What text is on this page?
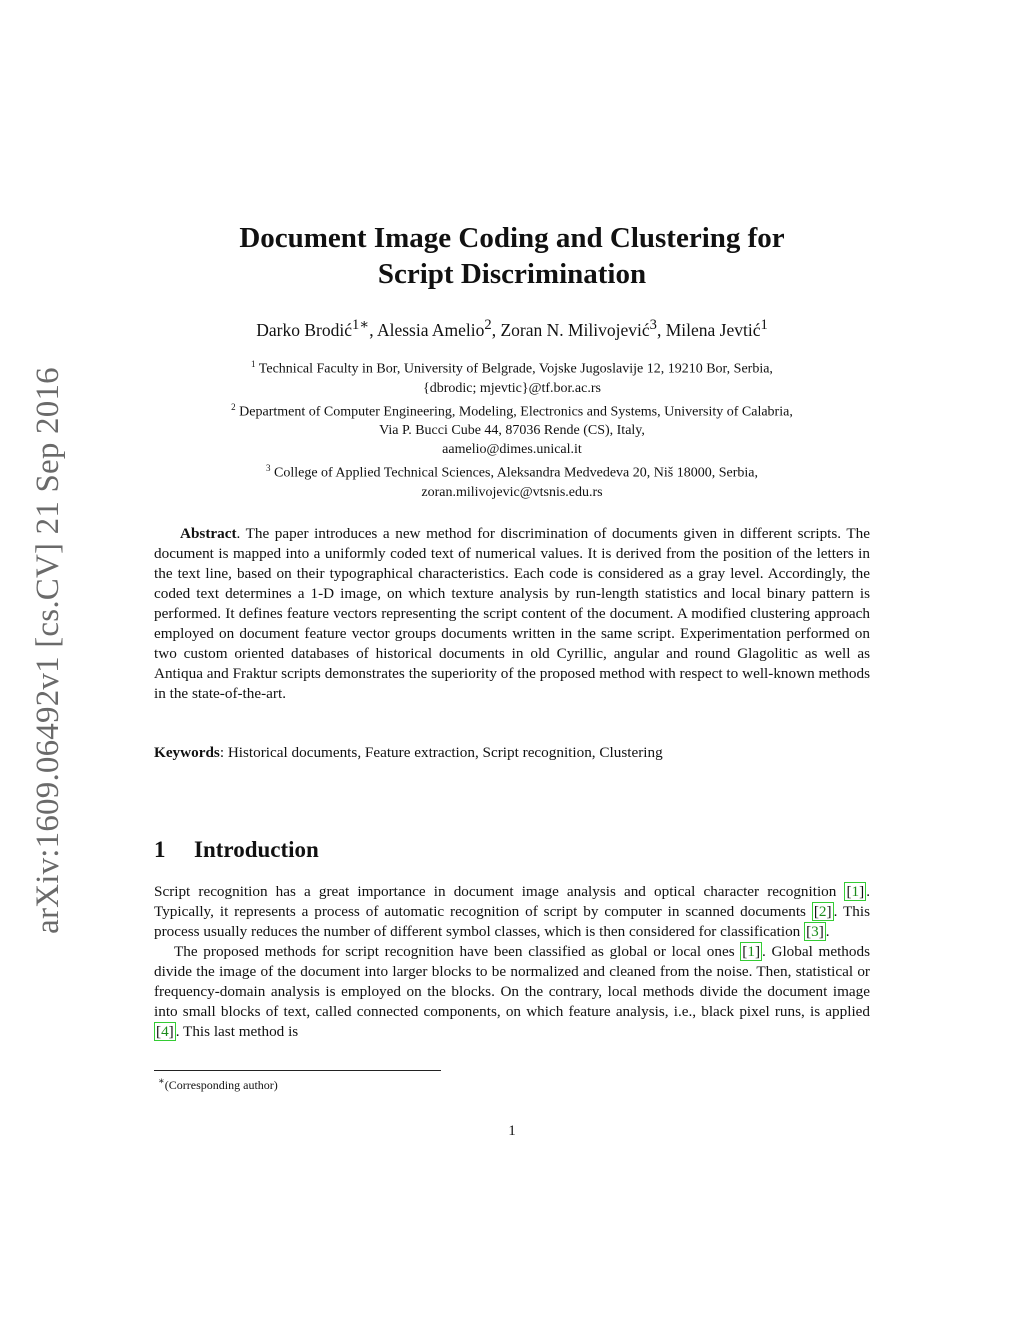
arXiv:1609.06492v1 [cs.CV] 21 Sep 2016
Document Image Coding and Clustering for
Script Discrimination
Darko Brodić$^{1∗}$, Alessia Amelio$^2$, Zoran N. Milivojević$^3$, Milena Jevtić$^1$
$^1$ Technical Faculty in Bor, University of Belgrade, Vojske Jugoslavije 12, 19210 Bor, Serbia,
{dbrodic; mjevtic}@tf.bor.ac.rs
$^2$ Department of Computer Engineering, Modeling, Electronics and Systems, University of Calabria,
Via P. Bucci Cube 44, 87036 Rende (CS), Italy,
aamelio@dimes.unical.it
$^3$ College of Applied Technical Sciences, Aleksandra Medvedeva 20, Niš 18000, Serbia,
zoran.milivojevic@vtsnis.edu.rs

Abstract. The paper introduces a new method for discrimination of documents given in different scripts. The document is mapped into a uniformly coded text of numerical values. It is derived from the position of the letters in the text line, based on their typographical characteristics. Each code is considered as a gray level. Accordingly, the coded text determines a 1-D image, on which texture analysis by run-length statistics and local binary pattern is performed. It defines feature vectors representing the script content of the document. A modified clustering approach employed on document feature vector groups documents written in the same script. Experimentation performed on two custom oriented databases of historical documents in old Cyrillic, angular and round Glagolitic as well as Antiqua and Fraktur scripts demonstrates the superiority of the proposed method with respect to well-known methods in the state-of-the-art.

Keywords: Historical documents, Feature extraction, Script recognition, Clustering

1 Introduction

Script recognition has a great importance in document image analysis and optical character recognition [1] . Typically, it represents a process of automatic recognition of script by computer in scanned documents [2] . This process usually reduces the number of different symbol classes, which is then considered for classification [3] .

The proposed methods for script recognition have been classified as global or local ones [1] . Global methods divide the image of the document into larger blocks to be normalized and cleaned from the noise. Then, statistical or frequency-domain analysis is employed on the blocks. On the contrary, local methods divide the document image into small blocks of text, called connected components, on which feature analysis, i.e., black pixel runs, is applied [4] . This last method is

∗(Corresponding author)
1
